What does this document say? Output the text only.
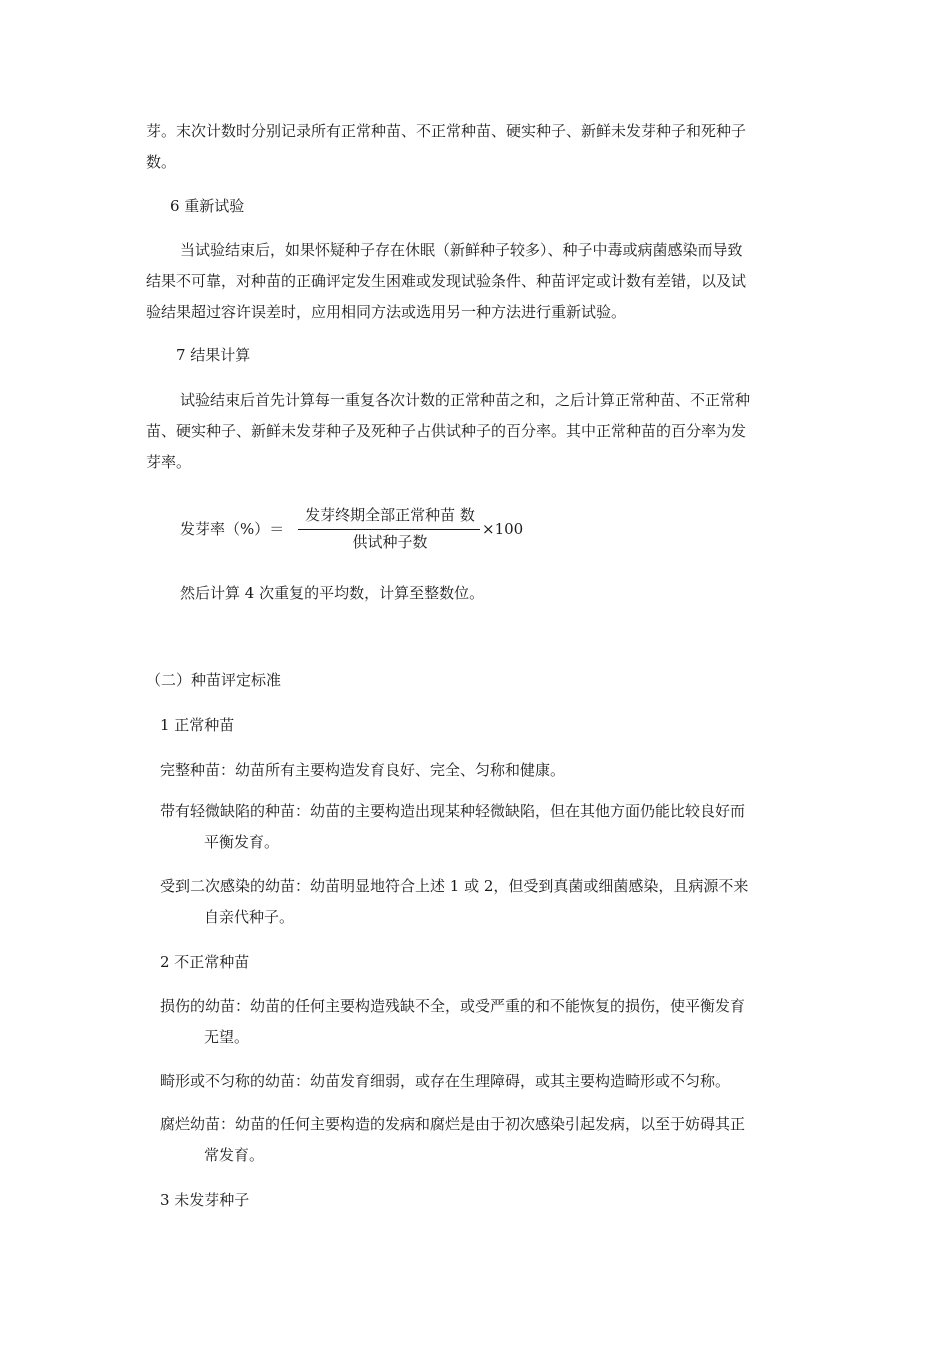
芽。末次计数时分别记录所有正常种苗、不正常种苗、硬实种子、新鲜未发芽种子和死种子
数。
6 重新试验
当试验结束后，如果怀疑种子存在休眠（新鲜种子较多）、种子中毒或病菌感染而导致
结果不可靠，对种苗的正确评定发生困难或发现试验条件、种苗评定或计数有差错，以及试
验结果超过容许误差时，应用相同方法或选用另一种方法进行重新试验。
7 结果计算
试验结束后首先计算每一重复各次计数的正常种苗之和，之后计算正常种苗、不正常种
苗、硬实种子、新鲜未发芽种子及死种子占供试种子的百分率。其中正常种苗的百分率为发
芽率。
发芽率（%）＝
发芽终期全部正常种苗 数
供试种子数
×100
然后计算 4 次重复的平均数，计算至整数位。
（二）种苗评定标准
1 正常种苗
完整种苗：幼苗所有主要构造发育良好、完全、匀称和健康。
带有轻微缺陷的种苗：幼苗的主要构造出现某种轻微缺陷，但在其他方面仍能比较良好而
平衡发育。
受到二次感染的幼苗：幼苗明显地符合上述 1 或 2，但受到真菌或细菌感染，且病源不来
自亲代种子。
2 不正常种苗
损伤的幼苗：幼苗的任何主要构造残缺不全，或受严重的和不能恢复的损伤，使平衡发育
无望。
畸形或不匀称的幼苗：幼苗发育细弱，或存在生理障碍，或其主要构造畸形或不匀称。
腐烂幼苗：幼苗的任何主要构造的发病和腐烂是由于初次感染引起发病，以至于妨碍其正
常发育。
3 未发芽种子
